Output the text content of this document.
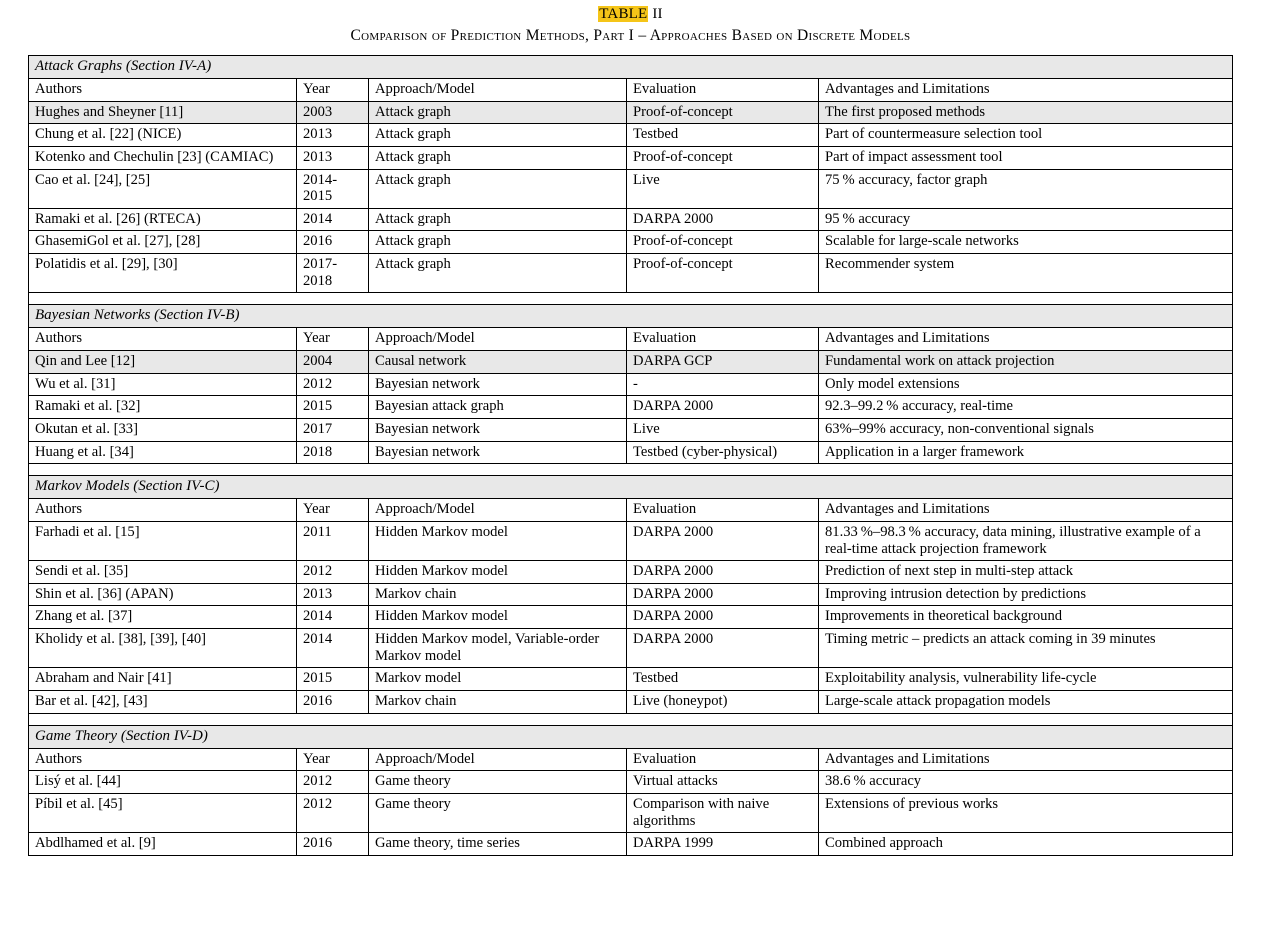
TABLE II
Comparison of Prediction Methods, Part I – Approaches Based on Discrete Models
Attack Graphs (Section IV-A)				
Authors	Year	Approach/Model	Evaluation	Advantages and Limitations
Hughes and Sheyner [11]	2003	Attack graph	Proof-of-concept	The first proposed methods
Chung et al. [22] (NICE)	2013	Attack graph	Testbed	Part of countermeasure selection tool
Kotenko and Chechulin [23] (CAMIAC)	2013	Attack graph	Proof-of-concept	Part of impact assessment tool
Cao et al. [24], [25]	2014-2015	Attack graph	Live	75 % accuracy, factor graph
Ramaki et al. [26] (RTECA)	2014	Attack graph	DARPA 2000	95 % accuracy
GhasemiGol et al. [27], [28]	2016	Attack graph	Proof-of-concept	Scalable for large-scale networks
Polatidis et al. [29], [30]	2017-2018	Attack graph	Proof-of-concept	Recommender system

Bayesian Networks (Section IV-B)				
Authors	Year	Approach/Model	Evaluation	Advantages and Limitations
Qin and Lee [12]	2004	Causal network	DARPA GCP	Fundamental work on attack projection
Wu et al. [31]	2012	Bayesian network	-	Only model extensions
Ramaki et al. [32]	2015	Bayesian attack graph	DARPA 2000	92.3–99.2 % accuracy, real-time
Okutan et al. [33]	2017	Bayesian network	Live	63%–99% accuracy, non-conventional signals
Huang et al. [34]	2018	Bayesian network	Testbed (cyber-physical)	Application in a larger framework

Markov Models (Section IV-C)				
Authors	Year	Approach/Model	Evaluation	Advantages and Limitations
Farhadi et al. [15]	2011	Hidden Markov model	DARPA 2000	81.33 %–98.3 % accuracy, data mining, illustrative example of a real-time attack projection framework
Sendi et al. [35]	2012	Hidden Markov model	DARPA 2000	Prediction of next step in multi-step attack
Shin et al. [36] (APAN)	2013	Markov chain	DARPA 2000	Improving intrusion detection by predictions
Zhang et al. [37]	2014	Hidden Markov model	DARPA 2000	Improvements in theoretical background
Kholidy et al. [38], [39], [40]	2014	Hidden Markov model, Variable-order Markov model	DARPA 2000	Timing metric – predicts an attack coming in 39 minutes
Abraham and Nair [41]	2015	Markov model	Testbed	Exploitability analysis, vulnerability life-cycle
Bar et al. [42], [43]	2016	Markov chain	Live (honeypot)	Large-scale attack propagation models

Game Theory (Section IV-D)				
Authors	Year	Approach/Model	Evaluation	Advantages and Limitations
Lisý et al. [44]	2012	Game theory	Virtual attacks	38.6 % accuracy
Píbil et al. [45]	2012	Game theory	Comparison with naive algorithms	Extensions of previous works
Abdlhamed et al. [9]	2016	Game theory, time series	DARPA 1999	Combined approach
